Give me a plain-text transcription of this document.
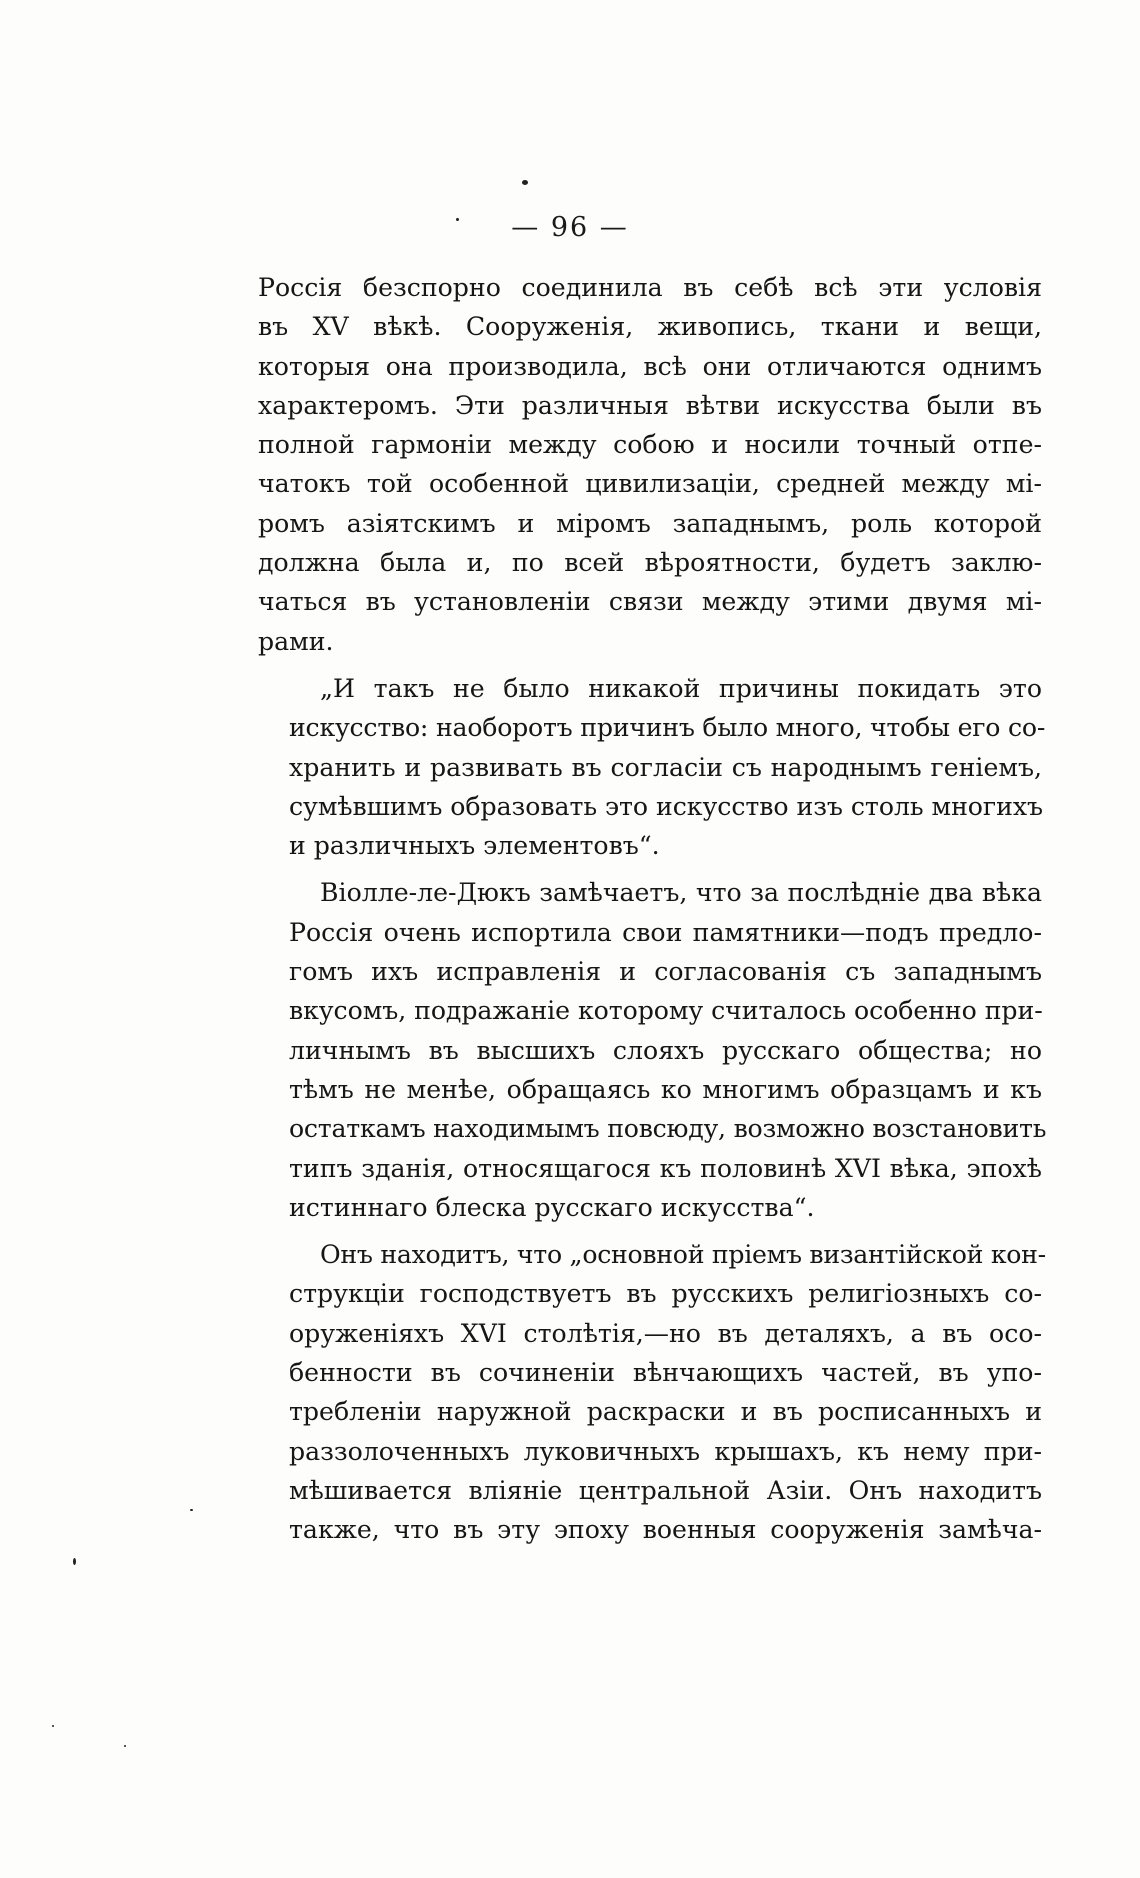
— 96 —
Россія безспорно соединила въ себѣ всѣ эти условія
въ XV вѣкѣ. Сооруженія, живопись, ткани и вещи,
которыя она производила, всѣ они отличаются однимъ
характеромъ. Эти различныя вѣтви искусства были въ
полной гармоніи между собою и носили точный отпе-
чатокъ той особенной цивилизаціи, средней между мі-
ромъ азіятскимъ и міромъ западнымъ, роль которой
должна была и, по всей вѣроятности, будетъ заклю-
чаться въ установленіи связи между этими двумя мі-
рами.
„И такъ не было никакой причины покидать это
искусство: наоборотъ причинъ было много, чтобы его со-
хранить и развивать въ согласіи съ народнымъ геніемъ,
сумѣвшимъ образовать это искусство изъ столь многихъ
и различныхъ элементовъ“.
Віолле-ле-Дюкъ замѣчаетъ, что за послѣдніе два вѣка
Россія очень испортила свои памятники—подъ предло-
гомъ ихъ исправленія и согласованія съ западнымъ
вкусомъ, подражаніе которому считалось особенно при-
личнымъ въ высшихъ слояхъ русскаго общества; но
тѣмъ не менѣе, обращаясь ко многимъ образцамъ и къ
остаткамъ находимымъ повсюду, возможно возстановить
типъ зданія, относящагося къ половинѣ XVI вѣка, эпохѣ
истиннаго блеска русскаго искусства“.
Онъ находитъ, что „основной пріемъ византійской кон-
струкціи господствуетъ въ русскихъ религіозныхъ со-
оруженіяхъ XVI столѣтія,—но въ деталяхъ, а въ осо-
бенности въ сочиненіи вѣнчающихъ частей, въ упо-
требленіи наружной раскраски и въ росписанныхъ и
раззолоченныхъ луковичныхъ крышахъ, къ нему при-
мѣшивается вліяніе центральной Азіи. Онъ находитъ
также, что въ эту эпоху военныя сооруженія замѣча-
